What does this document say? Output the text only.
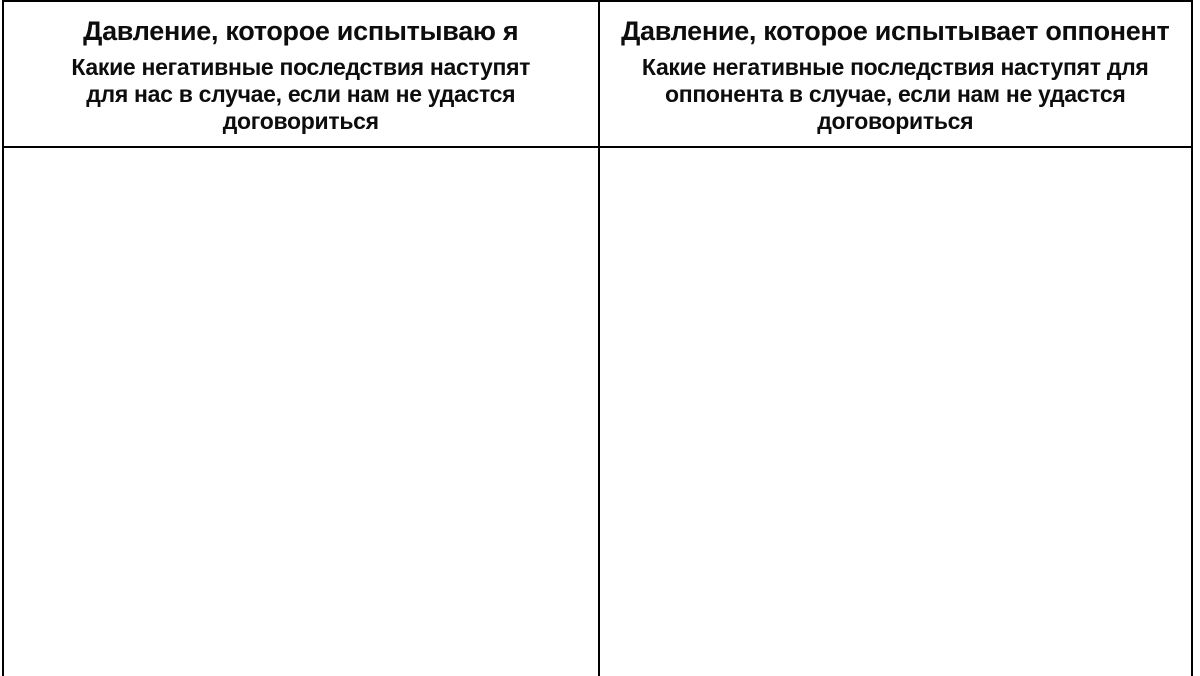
Давление, которое испытываю я
Какие негативные последствия наступят для нас в случае, если нам не удастся договориться
Давление, которое испытывает оппонент
Какие негативные последствия наступят для оппонента в случае, если нам не удастся договориться
